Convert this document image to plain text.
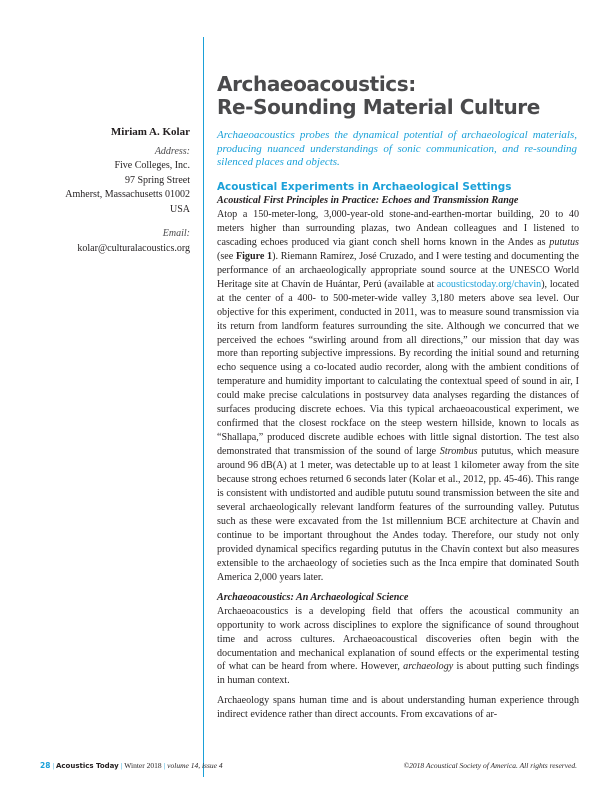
Archaeoacoustics:
Re-Sounding Material Culture
Miriam A. Kolar
Address:
Five Colleges, Inc.
97 Spring Street
Amherst, Massachusetts 01002
USA
Email:
kolar@culturalacoustics.org

Archaeoacoustics probes the dynamical potential of archaeological materials, producing nuanced understandings of sonic communication, and re-sounding silenced places and objects.

Acoustical Experiments in Archaeological Settings

Acoustical First Principles in Practice: Echoes and Transmission Range

Atop a 150-meter-long, 3,000-year-old stone-and-earthen-mortar building, 20 to 40 meters higher than surrounding plazas, two Andean colleagues and I listened to cascading echoes produced via giant conch shell horns known in the Andes as pututus (see Figure 1). Riemann Ramírez, José Cruzado, and I were testing and documenting the performance of an archaeologically appropriate sound source at the UNESCO World Heritage site at Chavín de Huántar, Perú (available at acousticstoday.org/chavin), located at the center of a 400- to 500-meter-wide valley 3,180 meters above sea level. Our objective for this experiment, conducted in 2011, was to measure sound transmission via its return from landform features surrounding the site. Although we concurred that we perceived the echoes “swirling around from all directions,” our mission that day was more than reporting subjective impressions. By recording the initial sound and returning echo sequence using a co-located audio recorder, along with the ambient conditions of temperature and humidity important to calculating the contextual speed of sound in air, I could make precise calculations in postsurvey data analyses regarding the distances of surfaces producing discrete echoes. Via this typical archaeoacoustical experiment, we confirmed that the closest rockface on the steep western hillside, known to locals as “Shallapa,” produced discrete audible echoes with little signal distortion. The test also demonstrated that transmission of the sound of large Strombus pututus, which measure around 96 dB(A) at 1 meter, was detectable up to at least 1 kilometer away from the site because strong echoes returned 6 seconds later (Kolar et al., 2012, pp. 45-46). This range is consistent with undistorted and audible pututu sound transmission between the site and several archaeologically relevant landform features of the surrounding valley. Pututus such as these were excavated from the 1st millennium BCE architecture at Chavín and continue to be important throughout the Andes today. Therefore, our study not only provided dynamical specifics regarding pututus in the Chavín context but also measures extensible to the archaeology of societies such as the Inca empire that dominated South America 2,000 years later.

Archaeoacoustics: An Archaeological Science

Archaeoacoustics is a developing field that offers the acoustical community an opportunity to work across disciplines to explore the significance of sound throughout time and across cultures. Archaeoacoustical discoveries often begin with the documentation and mechanical explanation of sound effects or the experimental testing of what can be heard from where. However, archaeology is about putting such findings in human context.

Archaeology spans human time and is about understanding human experience through indirect evidence rather than direct accounts. From excavations of ar-

28 | Acoustics Today | Winter 2018 | volume 14, issue 4	©2018 Acoustical Society of America. All rights reserved.
